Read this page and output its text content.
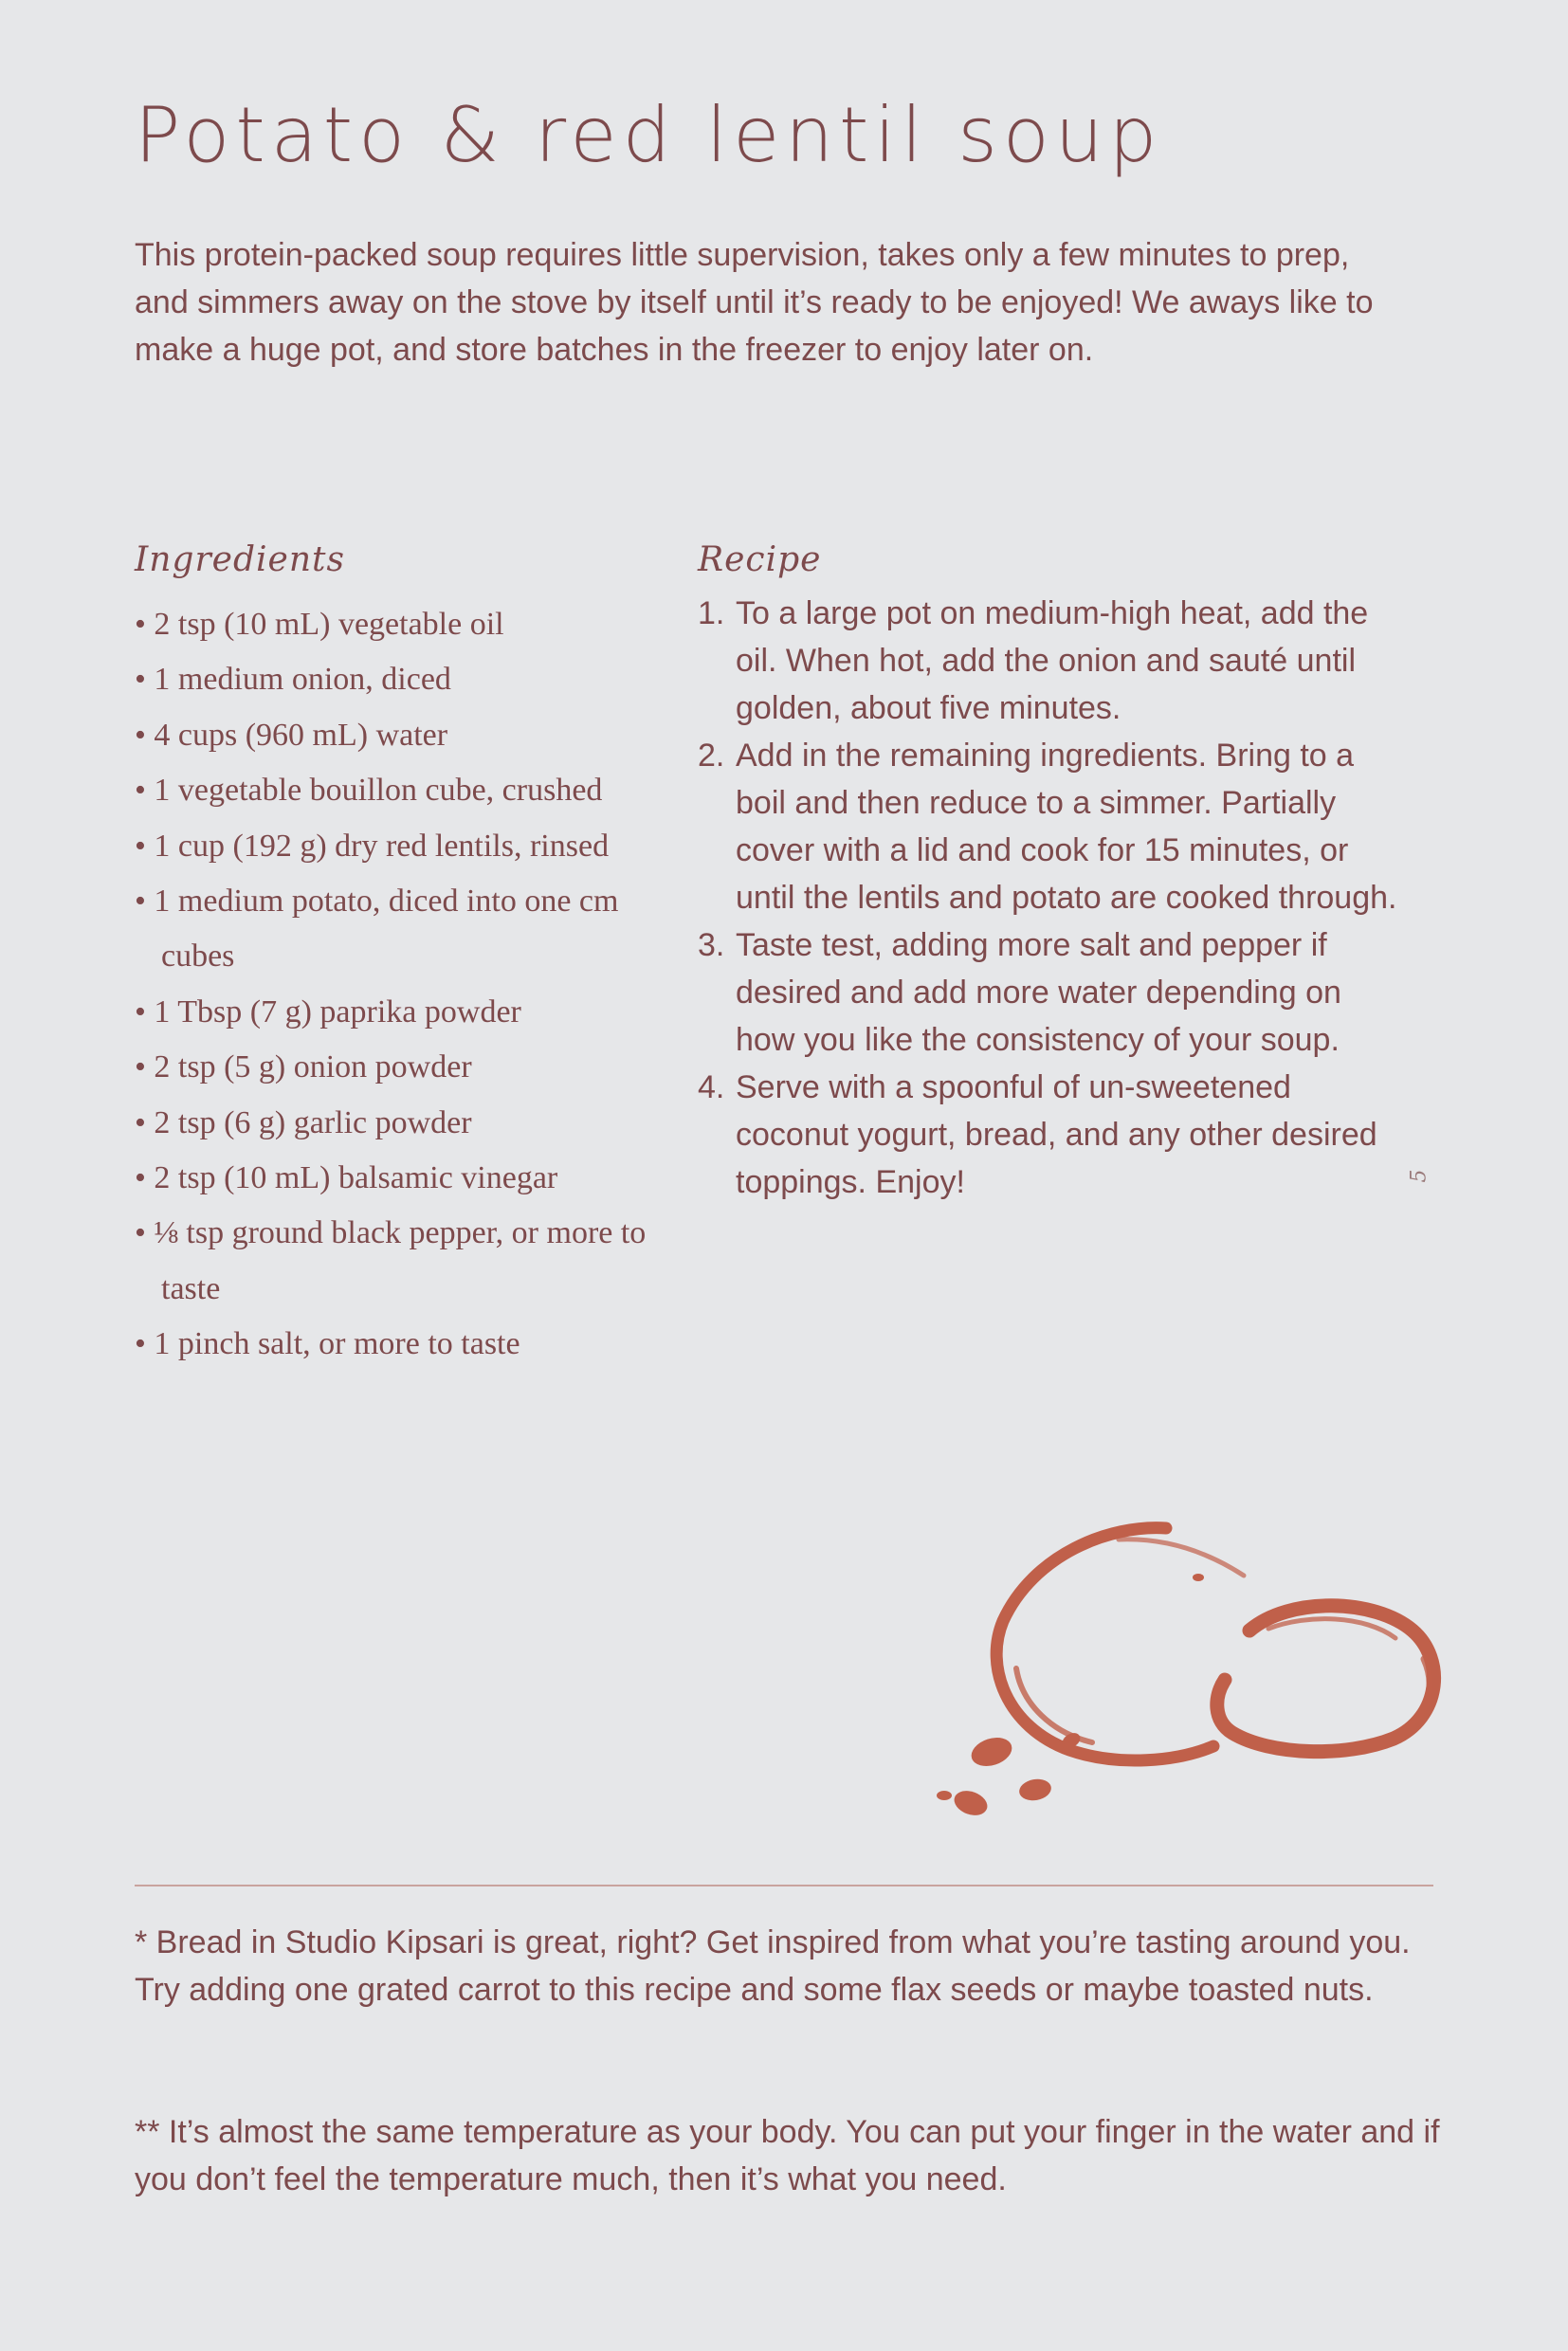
Potato & red lentil soup

This protein-packed soup requires little supervision, takes only a few minutes to prep, and simmers away on the stove by itself until it’s ready to be enjoyed! We aways like to make a huge pot, and store batches in the freezer to enjoy later on.

Ingredients
• 2 tsp (10 mL) vegetable oil
• 1 medium onion, diced
• 4 cups (960 mL) water
• 1 vegetable bouillon cube, crushed
• 1 cup (192 g) dry red lentils, rinsed
• 1 medium potato, diced into one cm cubes
• 1 Tbsp (7 g) paprika powder
• 2 tsp (5 g) onion powder
• 2 tsp (6 g) garlic powder
• 2 tsp (10 mL) balsamic vinegar
• ⅛ tsp ground black pepper, or more to taste
• 1 pinch salt, or more to taste
Recipe
1. To a large pot on medium-high heat, add the oil. When hot, add the onion and sauté until golden, about five minutes.
2. Add in the remaining ingredients. Bring to a boil and then reduce to a simmer. Partially cover with a lid and cook for 15 minutes, or until the lentils and potato are cooked through.
3. Taste test, adding more salt and pepper if desired and add more water depending on how you like the consistency of your soup.
4. Serve with a spoonful of un-sweetened coconut yogurt, bread, and any other desired toppings. Enjoy!	5

* Bread in Studio Kipsari is great, right? Get inspired from what you’re tasting around you. Try adding one grated carrot to this recipe and some flax seeds or maybe toasted nuts.

** It’s almost the same temperature as your body. You can put your finger in the water and if you don’t feel the temperature much, then it’s what you need.
